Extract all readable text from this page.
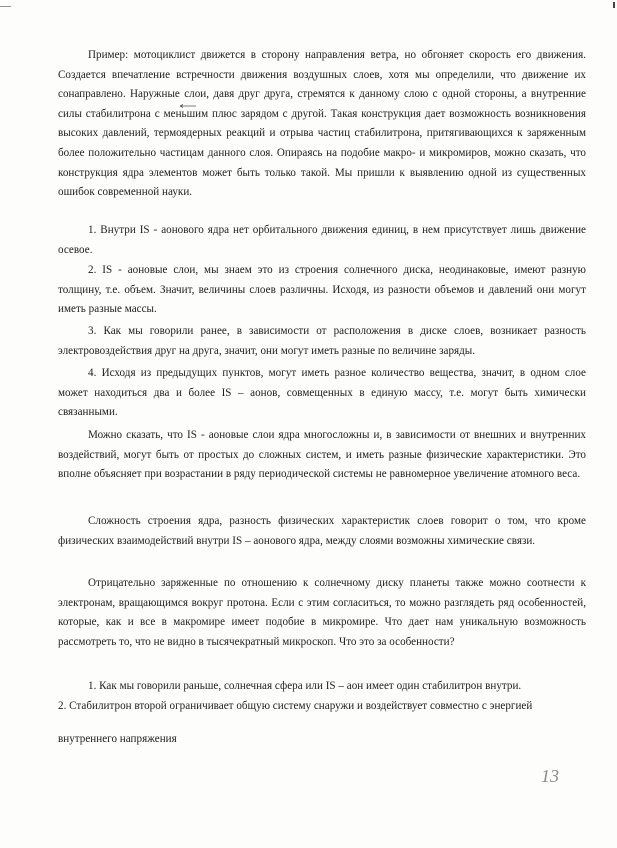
—

Пример: мотоциклист движется в сторону направления ветра, но обгоняет скорость его движения. Создается впечатление встречности движения воздушных слоев, хотя мы определили, что движение их сонаправлено. Наружные слои, давя друг друга, стремятся к данному слою с одной стороны, а внутренние силы стабилитрона с меньшим плюс зарядом с другой. Такая конструкция дает возможность возникновения высоких давлений, термоядерных реакций и отрыва частиц стабилитрона, притягивающихся к заряженным более положительно частицам данного слоя. Опираясь на подобие макро- и микромиров, можно сказать, что конструкция ядра элементов может быть только такой. Мы пришли к выявлению одной из существенных ошибок современной науки.

1. Внутри IS - аонового ядра нет орбитального движения единиц, в нем присутствует лишь движение осевое.

2. IS - аоновые слои, мы знаем это из строения солнечного диска, неодинаковые, имеют разную толщину, т.е. объем. Значит, величины слоев различны. Исходя, из разности объемов и давлений они могут иметь разные массы.

3. Как мы говорили ранее, в зависимости от расположения в диске слоев, возникает разность электровоздействия друг на друга, значит, они могут иметь разные по величине заряды.

4. Исходя из предыдущих пунктов, могут иметь разное количество вещества, значит, в одном слое может находиться два и более IS – аонов, совмещенных в единую массу, т.е. могут быть химически связанными.

Можно сказать, что IS - аоновые слои ядра многосложны и, в зависимости от внешних и внутренних воздействий, могут быть от простых до сложных систем, и иметь разные физические характеристики. Это вполне объясняет при возрастании в ряду периодической системы не равномерное увеличение атомного веса.

Сложность строения ядра, разность физических характеристик слоев говорит о том, что кроме физических взаимодействий внутри IS – аонового ядра, между слоями возможны химические связи.

Отрицательно заряженные по отношению к солнечному диску планеты также можно соотнести к электронам, вращающимся вокруг протона. Если с этим согласиться, то можно разглядеть ряд особенностей, которые, как и все в макромире имеет подобие в микромире. Что дает нам уникальную возможность рассмотреть то, что не видно в тысячекратный микроскоп. Что это за особенности?

1. Как мы говорили раньше, солнечная сфера или IS – аон имеет один стабилитрон внутри.

2. Стабилитрон второй ограничивает общую систему снаружи и воздействует совместно с энергией

внутреннего напряжения

13
